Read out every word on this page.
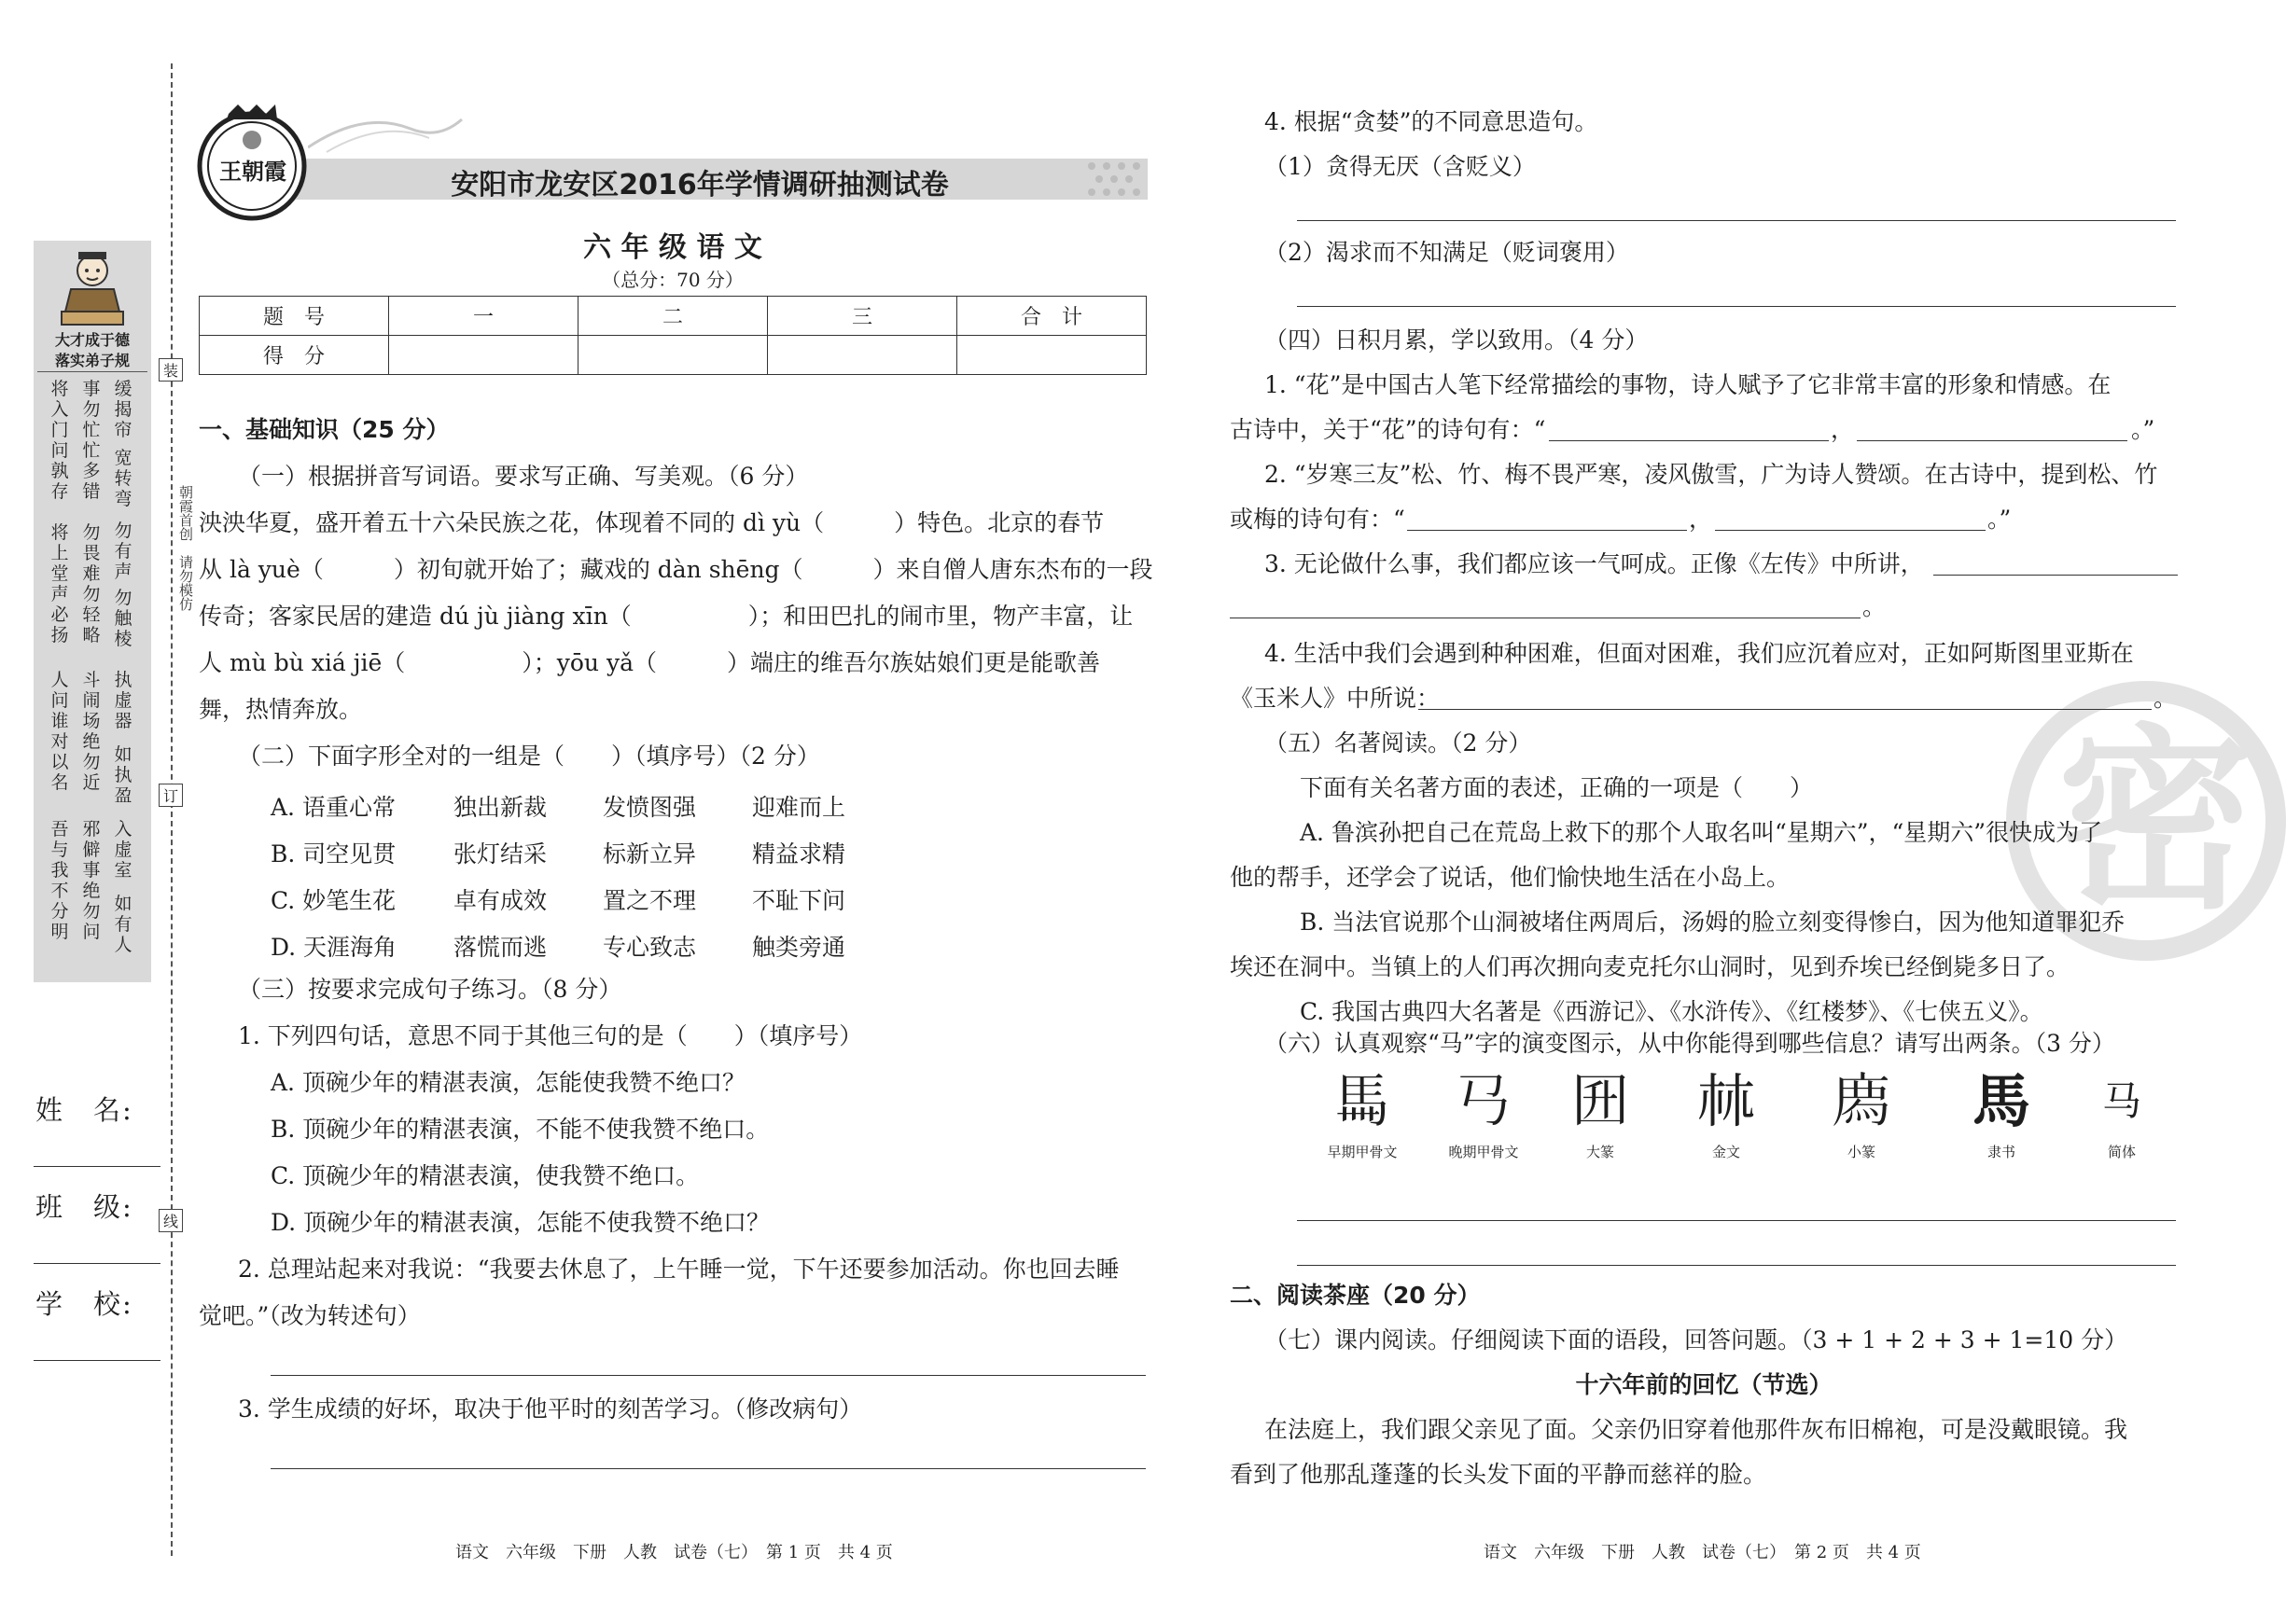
大才成于德
落实弟子规
缓揭帘
事勿忙忙多错
将入门问孰存
宽转弯
勿有声
将上堂声必扬
勿触棱
勿畏难勿轻略
人问谁对以名
执虚器
斗闹场绝勿近
如执盈
邪僻事绝勿问
入虚室
吾与我不分明
如有人
装
订
线
朝霞首创　请勿模仿
姓　名:
班　级:
学　校:
王朝霞	安阳市龙安区2016年学情调研抽测试卷
六 年 级 语 文
（总分：70 分）
题　号	一	二	三	合　计
得　分				
一、基础知识（25 分）
（一）根据拼音写词语。要求写正确、写美观。（6 分）
泱泱华夏，盛开着五十六朵民族之花，体现着不同的 dì yù（　　　）特色。北京的春节
从 là yuè（　　　）初旬就开始了；藏戏的 dàn shēng（　　　）来自僧人唐东杰布的一段
传奇；客家民居的建造 dú jù jiàng xīn（　　　　　）；和田巴扎的闹市里，物产丰富，让
人 mù bù xiá jiē（　　　　　）；yōu yǎ（　　　）端庄的维吾尔族姑娘们更是能歌善
舞，热情奔放。
（二）下面字形全对的一组是（　　）（填序号）（2 分）
A. 语重心常 独出新裁 发愤图强 迎难而上
B. 司空见贯 张灯结采 标新立异 精益求精
C. 妙笔生花 卓有成效 置之不理 不耻下问
D. 天涯海角 落慌而逃 专心致志 触类旁通
（三）按要求完成句子练习。（8 分）
1. 下列四句话，意思不同于其他三句的是（　　）（填序号）
A. 顶碗少年的精湛表演，怎能使我赞不绝口？
B. 顶碗少年的精湛表演，不能不使我赞不绝口。
C. 顶碗少年的精湛表演，使我赞不绝口。
D. 顶碗少年的精湛表演，怎能不使我赞不绝口？
2. 总理站起来对我说：“我要去休息了，上午睡一觉，下午还要参加活动。你也回去睡
觉吧。”（改为转述句）
3. 学生成绩的好坏，取决于他平时的刻苦学习。（修改病句）
语文　六年级　下册　人教　试卷（七）　第 1 页　共 4 页
密
4. 根据“贪婪”的不同意思造句。
（1）贪得无厌（含贬义）
（2）渴求而不知满足（贬词褒用）
（四）日积月累，学以致用。（4 分）
1. “花”是中国古人笔下经常描绘的事物，诗人赋予了它非常丰富的形象和情感。在
古诗中，关于“花”的诗句有：“	，	。”
2. “岁寒三友”松、竹、梅不畏严寒，凌风傲雪，广为诗人赞颂。在古诗中，提到松、竹
或梅的诗句有：“	，	。”
3. 无论做什么事，我们都应该一气呵成。正像《左传》中所讲，
。
4. 生活中我们会遇到种种困难，但面对困难，我们应沉着应对，正如阿斯图里亚斯在
《玉米人》中所说：	。
（五）名著阅读。（2 分）
下面有关名著方面的表述，正确的一项是（　　）
A. 鲁滨孙把自己在荒岛上救下的那个人取名叫“星期六”，“星期六”很快成为了
他的帮手，还学会了说话，他们愉快地生活在小岛上。
B. 当法官说那个山洞被堵住两周后，汤姆的脸立刻变得惨白，因为他知道罪犯乔
埃还在洞中。当镇上的人们再次拥向麦克托尔山洞时，见到乔埃已经倒毙多日了。
C. 我国古典四大名著是《西游记》、《水浒传》、《红楼梦》、《七侠五义》。
（六）认真观察“马”字的演变图示，从中你能得到哪些信息？请写出两条。（3 分）
𩡧
早期甲骨文
𢎘
晚期甲骨文
𡆼
大篆
𣏟
金文
𢊁
小篆
馬
隶书
马
简体
二、阅读茶座（20 分）
（七）课内阅读。仔细阅读下面的语段，回答问题。（3 + 1 + 2 + 3 + 1=10 分）
十六年前的回忆（节选）
在法庭上，我们跟父亲见了面。父亲仍旧穿着他那件灰布旧棉袍，可是没戴眼镜。我
看到了他那乱蓬蓬的长头发下面的平静而慈祥的脸。
语文　六年级　下册　人教　试卷（七）　第 2 页　共 4 页
